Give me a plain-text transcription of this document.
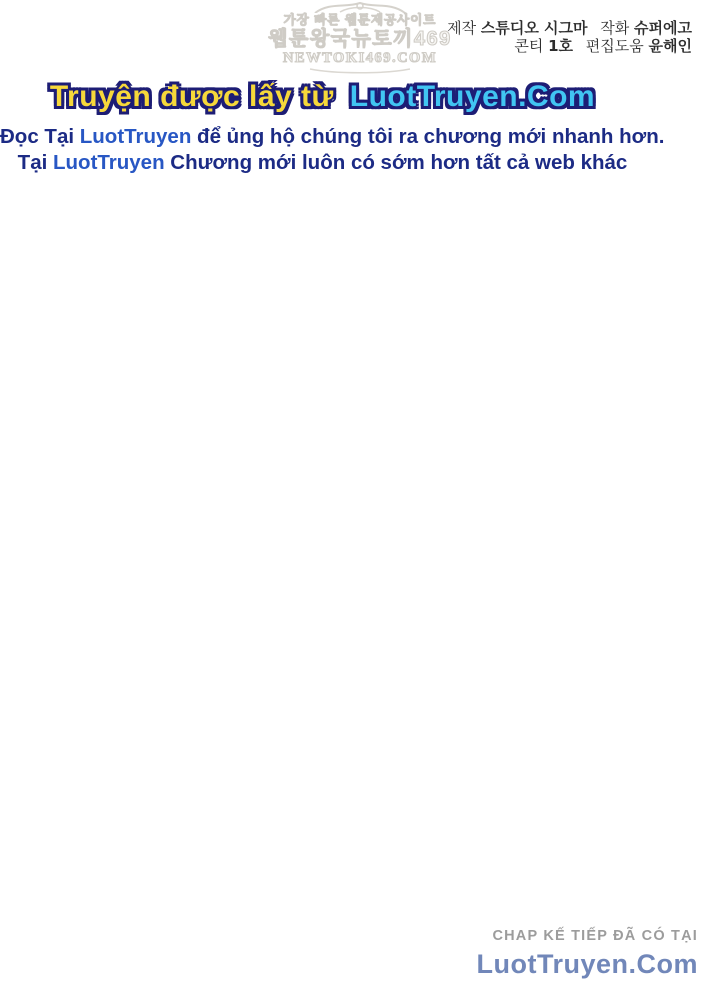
가장 빠른 웹툰제공사이트
웹툰왕국뉴토끼469
NEWTOKI469.COM
제작 스튜디오 시그마 작화 슈퍼에고
콘티 1호 편집도움 윤해인
Truyện được lấy từ LuotTruyen.Com
Đọc Tại LuotTruyen để ủng hộ chúng tôi ra chương mới nhanh hơn.
Tại LuotTruyen Chương mới luôn có sớm hơn tất cả web khác
CHAP KẾ TIẾP ĐÃ CÓ TẠI
LuotTruyen.Com
